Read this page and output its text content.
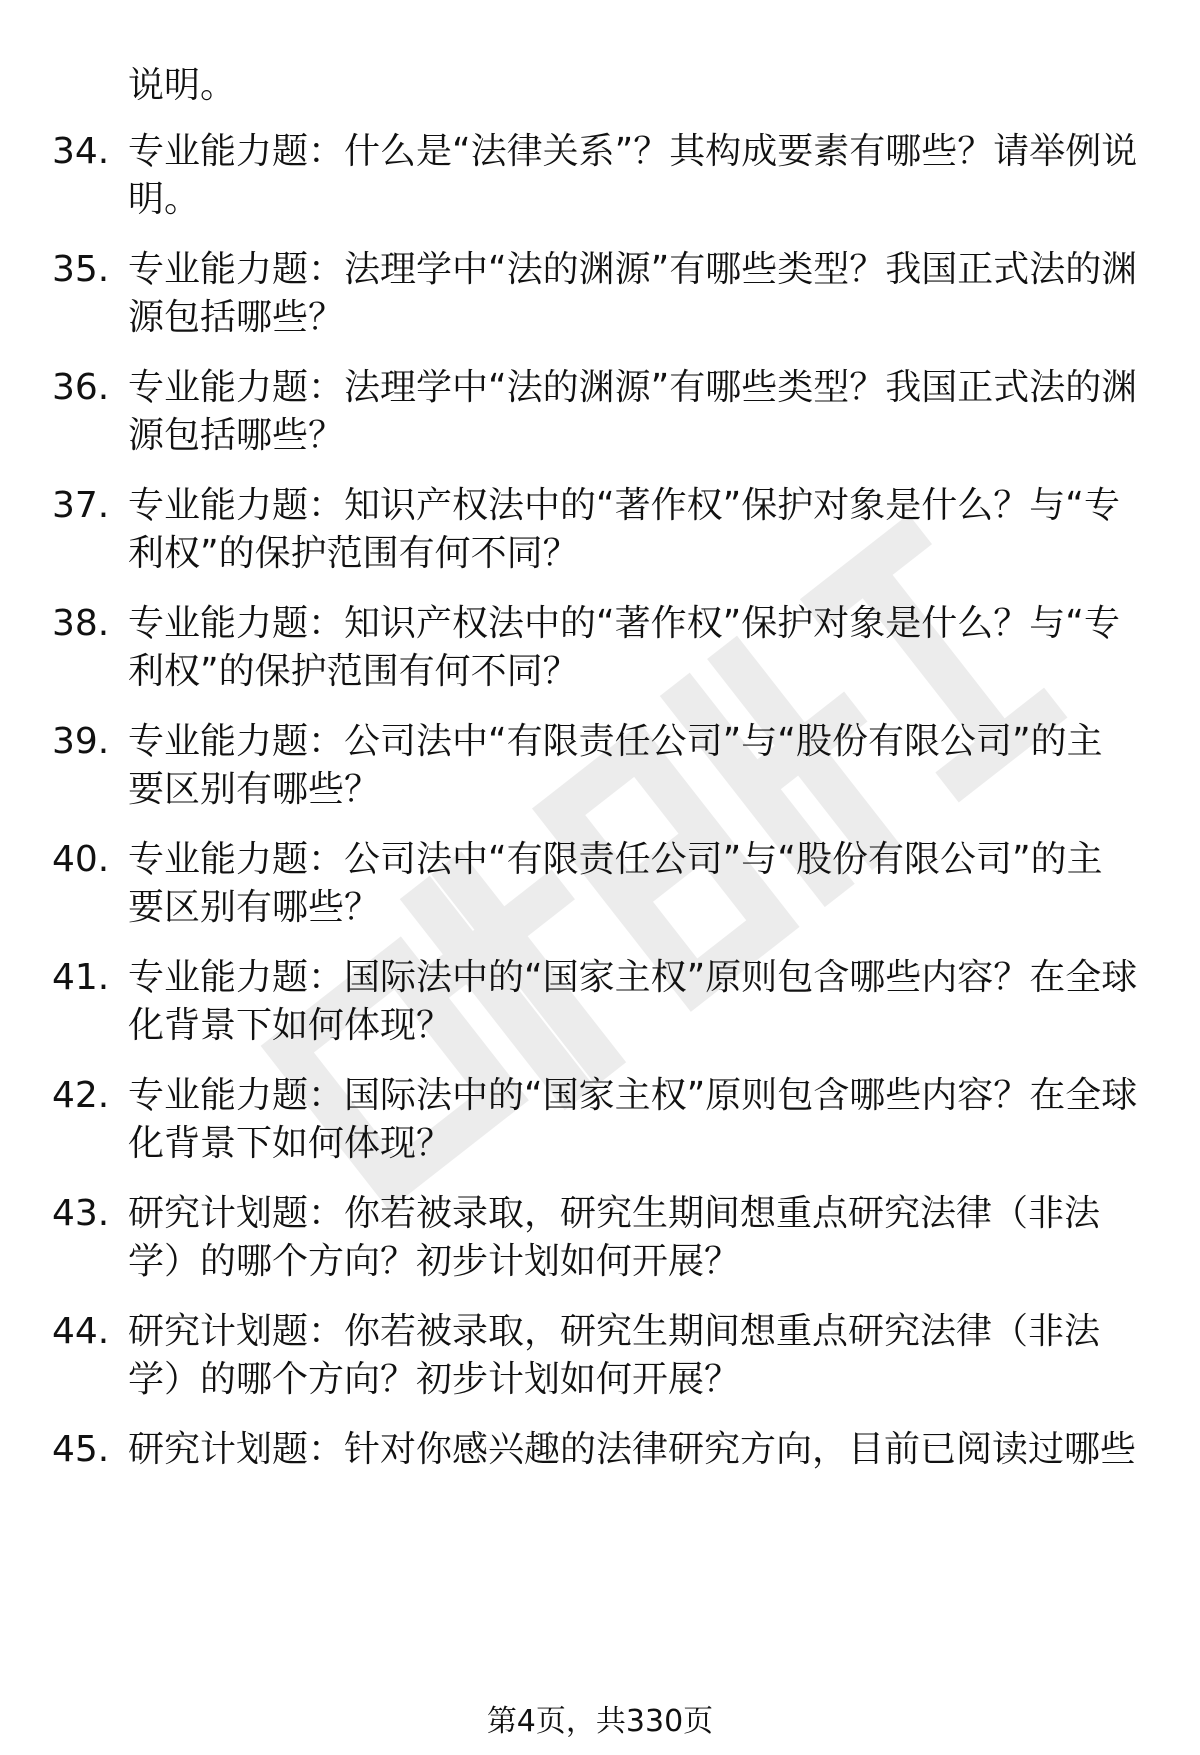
说明。
34. 专业能力题：什么是“法律关系”？其构成要素有哪些？请举例说明。
35. 专业能力题：法理学中“法的渊源”有哪些类型？我国正式法的渊源包括哪些？
36. 专业能力题：法理学中“法的渊源”有哪些类型？我国正式法的渊源包括哪些？
37. 专业能力题：知识产权法中的“著作权”保护对象是什么？与“专利权”的保护范围有何不同？
38. 专业能力题：知识产权法中的“著作权”保护对象是什么？与“专利权”的保护范围有何不同？
39. 专业能力题：公司法中“有限责任公司”与“股份有限公司”的主要区别有哪些？
40. 专业能力题：公司法中“有限责任公司”与“股份有限公司”的主要区别有哪些？
41. 专业能力题：国际法中的“国家主权”原则包含哪些内容？在全球化背景下如何体现？
42. 专业能力题：国际法中的“国家主权”原则包含哪些内容？在全球化背景下如何体现？
43. 研究计划题：你若被录取，研究生期间想重点研究法律（非法学）的哪个方向？初步计划如何开展？
44. 研究计划题：你若被录取，研究生期间想重点研究法律（非法学）的哪个方向？初步计划如何开展？
45. 研究计划题：针对你感兴趣的法律研究方向，目前已阅读过哪些
第4页，共330页
